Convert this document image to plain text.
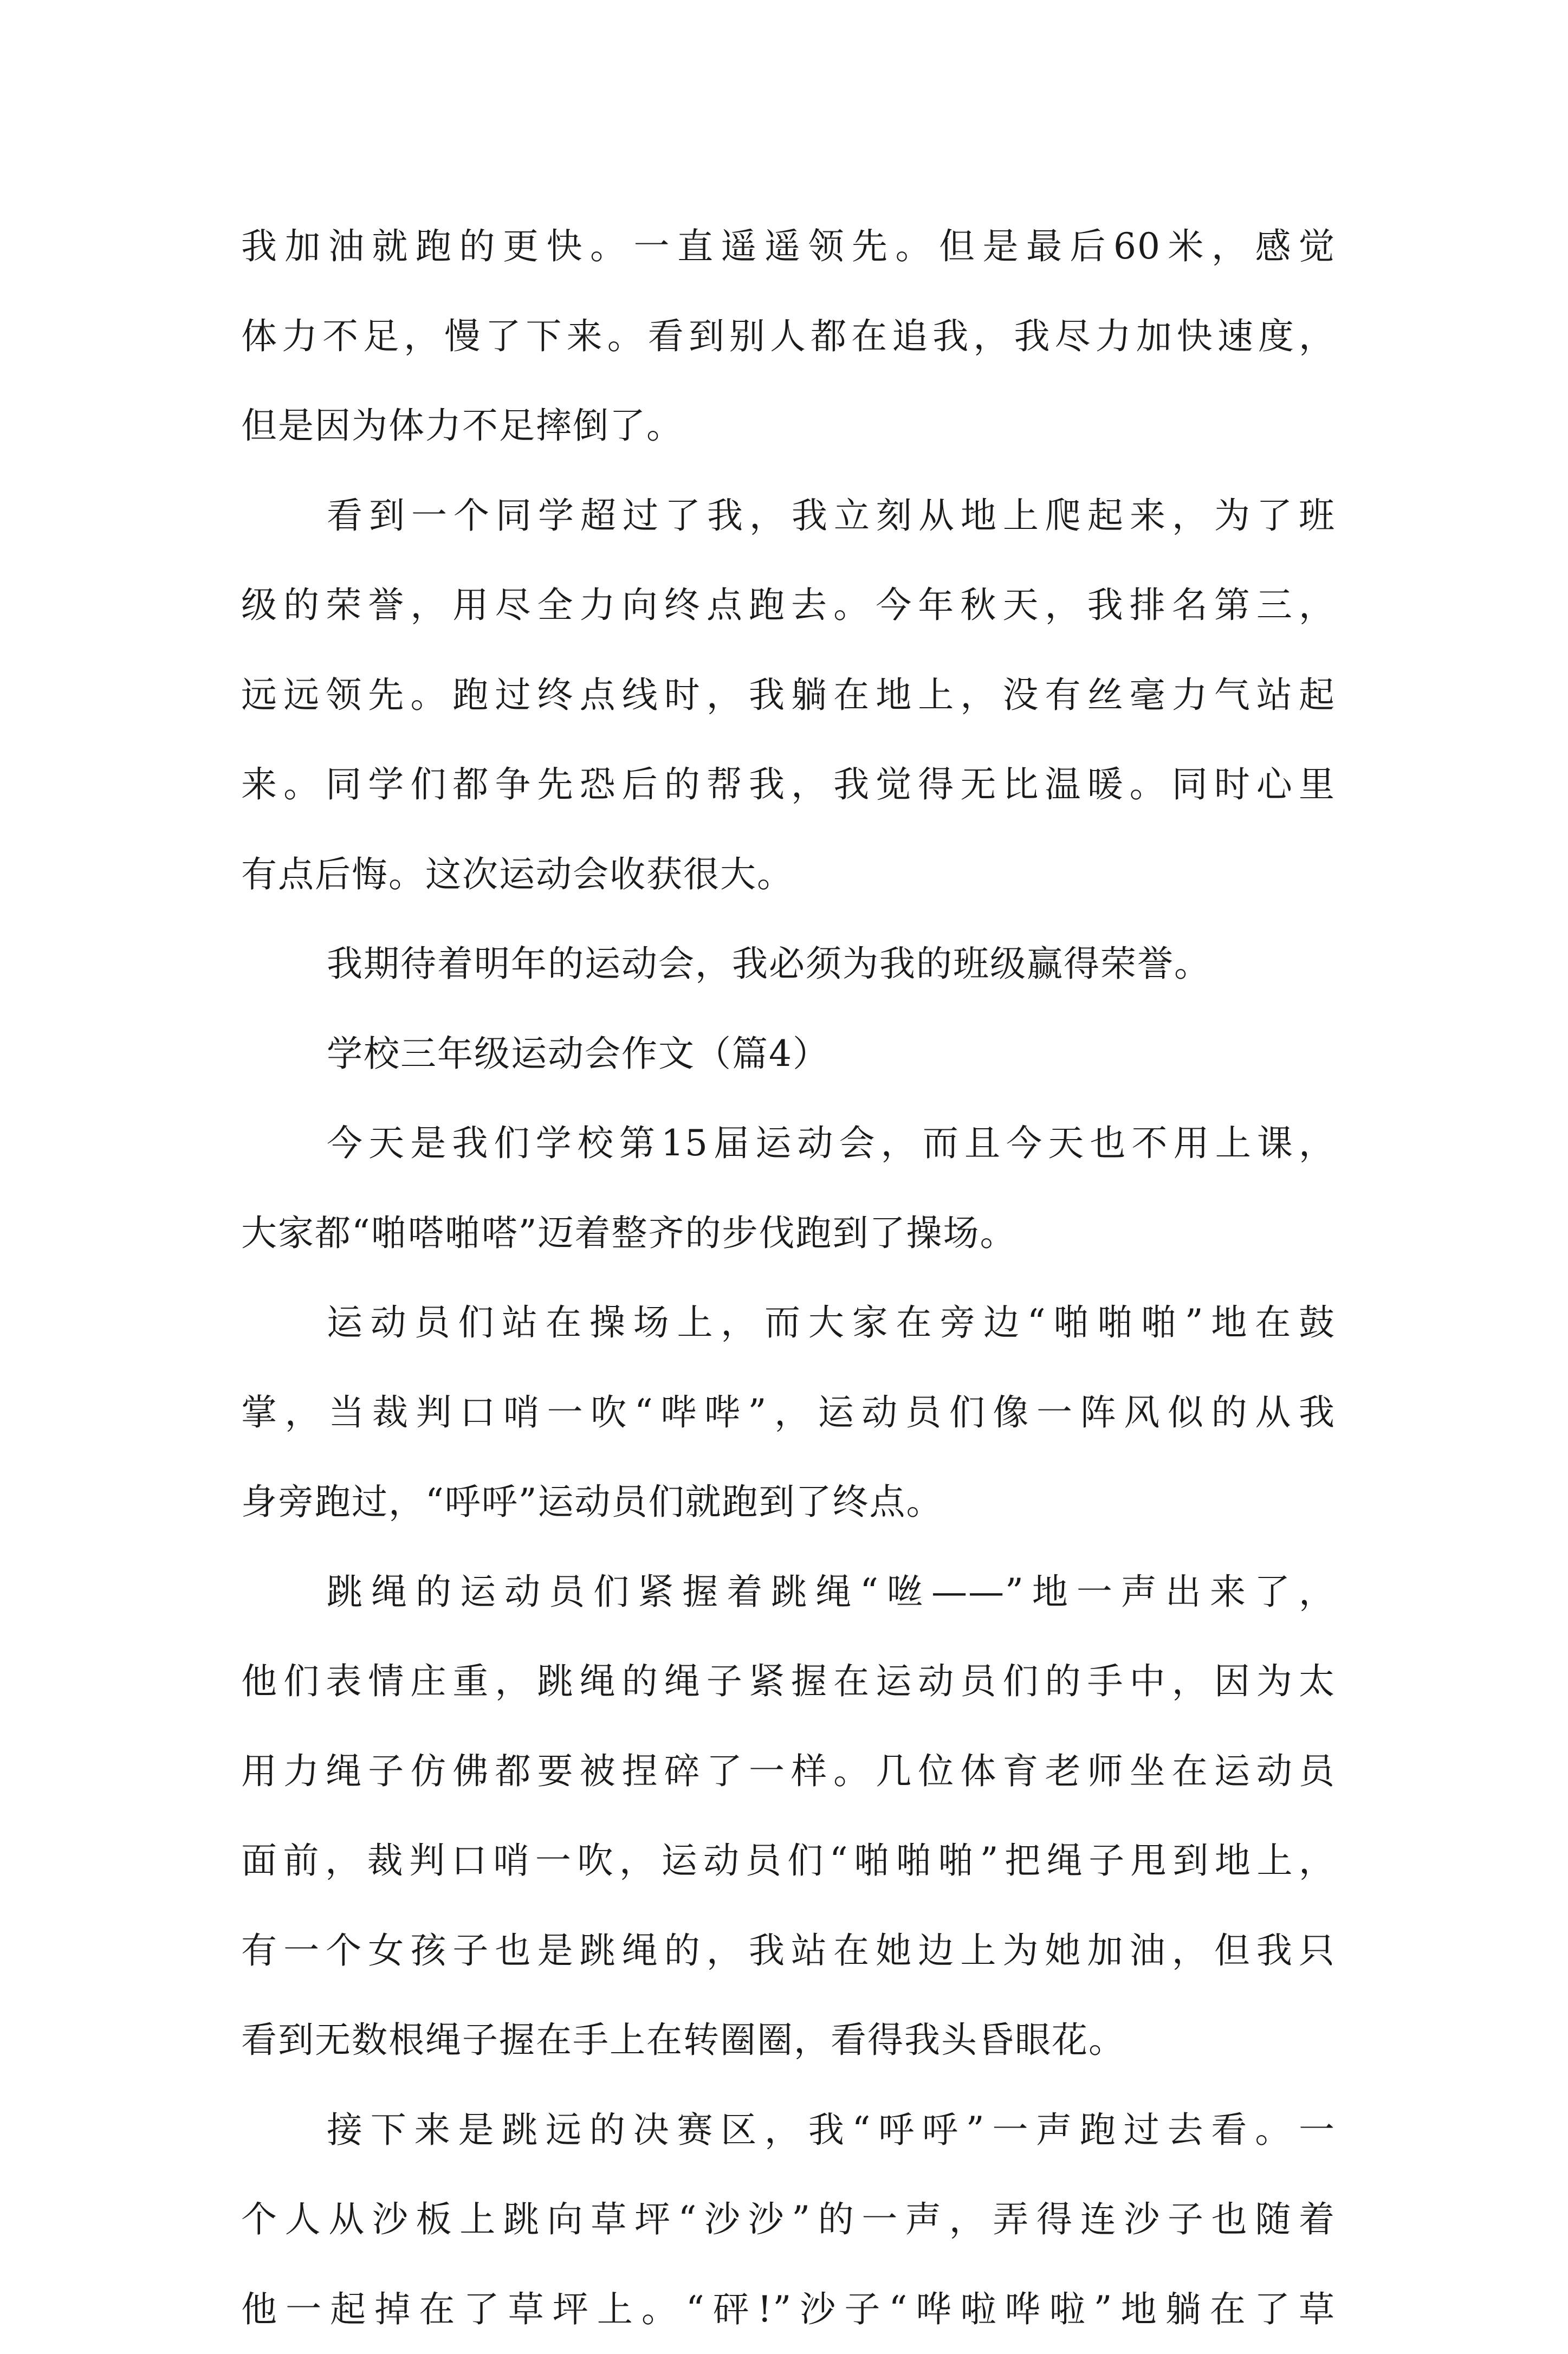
我加油就跑的更快。一直遥遥领先。但是最后60米，感觉
体力不足，慢了下来。看到别人都在追我，我尽力加快速度，
但是因为体力不足摔倒了。
看到一个同学超过了我，我立刻从地上爬起来，为了班
级的荣誉，用尽全力向终点跑去。今年秋天，我排名第三，
远远领先。跑过终点线时，我躺在地上，没有丝毫力气站起
来。同学们都争先恐后的帮我，我觉得无比温暖。同时心里
有点后悔。这次运动会收获很大。
我期待着明年的运动会，我必须为我的班级赢得荣誉。
学校三年级运动会作文（篇4）
今天是我们学校第15届运动会，而且今天也不用上课，
大家都“啪嗒啪嗒”迈着整齐的步伐跑到了操场。
运动员们站在操场上，而大家在旁边“啪啪啪”地在鼓
掌，当裁判口哨一吹“哔哔”，运动员们像一阵风似的从我
身旁跑过，“呼呼”运动员们就跑到了终点。
跳绳的运动员们紧握着跳绳“咝——”地一声出来了，
他们表情庄重，跳绳的绳子紧握在运动员们的手中，因为太
用力绳子仿佛都要被捏碎了一样。几位体育老师坐在运动员
面前，裁判口哨一吹，运动员们“啪啪啪”把绳子甩到地上，
有一个女孩子也是跳绳的，我站在她边上为她加油，但我只
看到无数根绳子握在手上在转圈圈，看得我头昏眼花。
接下来是跳远的决赛区，我“呼呼”一声跑过去看。一
个人从沙板上跳向草坪“沙沙”的一声，弄得连沙子也随着
他一起掉在了草坪上。“砰!”沙子“哗啦哗啦”地躺在了草
